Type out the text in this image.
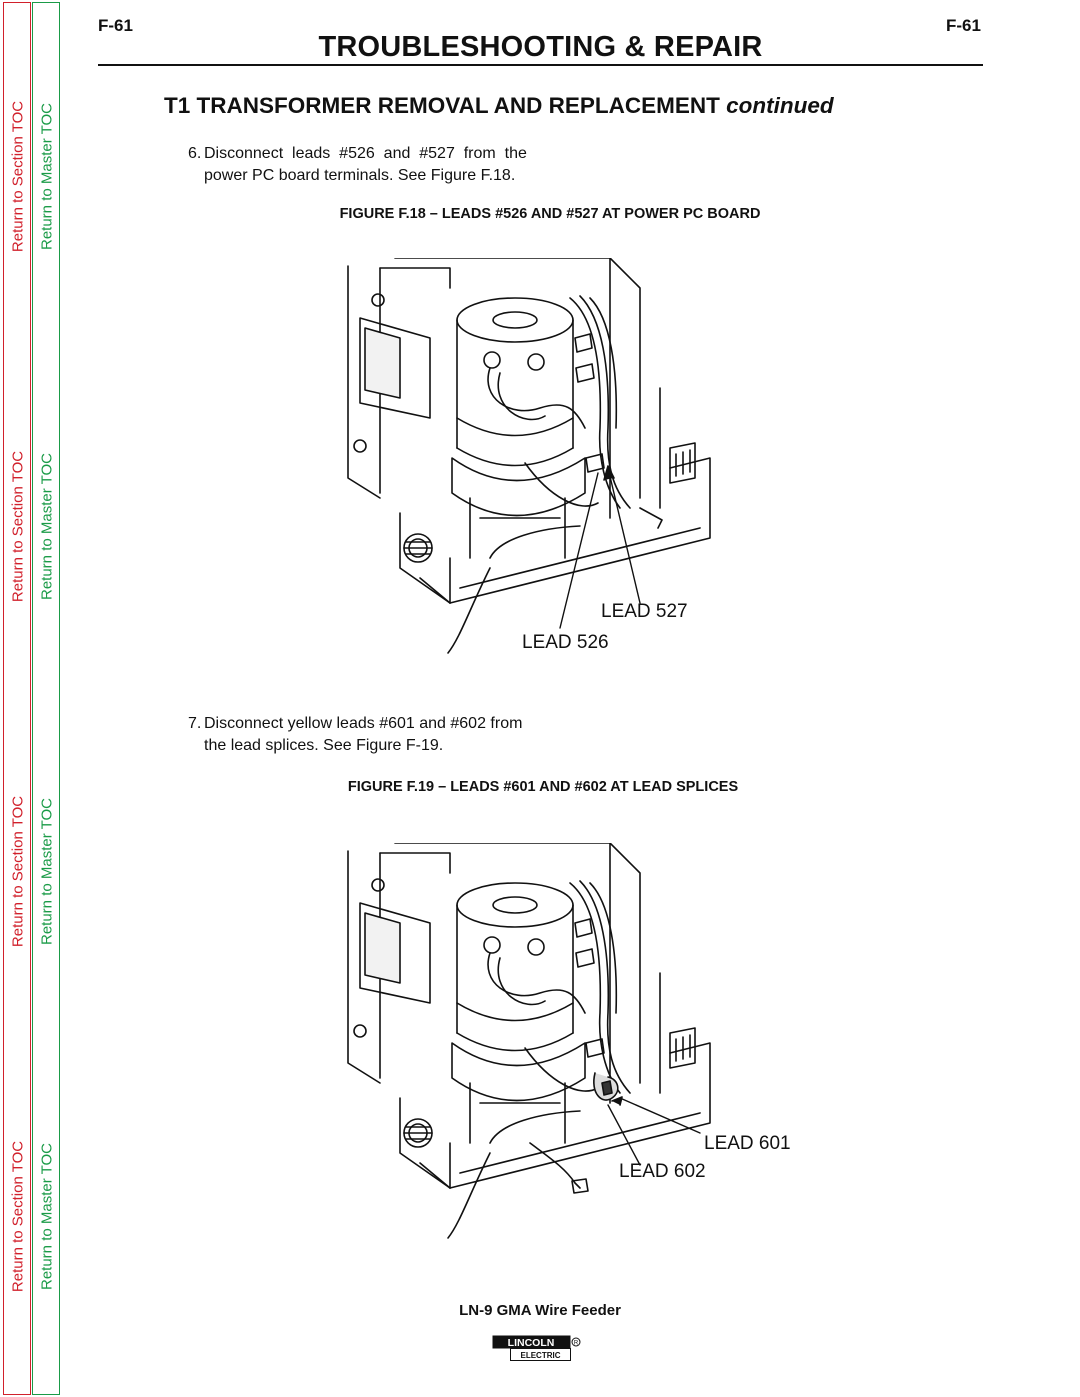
Return to Section TOC
Return to Section TOC
Return to Section TOC
Return to Section TOC
Return to Master TOC
Return to Master TOC
Return to Master TOC
Return to Master TOC
F-61	F-61
TROUBLESHOOTING & REPAIR
T1 TRANSFORMER REMOVAL AND REPLACEMENT continued
6. Disconnect  leads  #526  and  #527  from  the
power PC board terminals. See Figure F.18.
FIGURE F.18 – LEADS #526 AND #527 AT POWER PC BOARD
LEAD 527
LEAD 526
7. Disconnect yellow leads #601 and #602 from
the lead splices. See Figure F-19.
FIGURE F.19 – LEADS #601 AND #602 AT LEAD SPLICES
LEAD 601
LEAD 602
LN-9 GMA Wire Feeder
R
LINCOLN
ELECTRIC
